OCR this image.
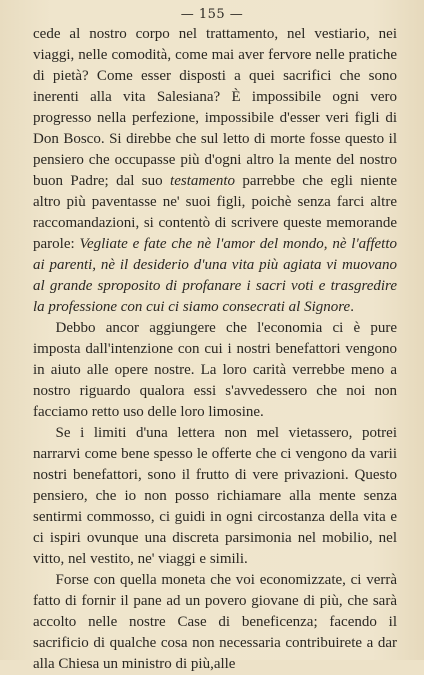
— 155 —

cede al nostro corpo nel trattamento, nel vestiario, nei viaggi, nelle comodità, come mai aver fervore nelle pratiche di pietà? Come esser disposti a quei sacrifici che sono inerenti alla vita Salesiana? È impossibile ogni vero progresso nella perfezione, impossibile d'esser veri figli di Don Bosco. Si direbbe che sul letto di morte fosse questo il pensiero che occupasse più d'ogni altro la mente del nostro buon Padre; dal suo testamento parrebbe che egli niente altro più paventasse ne' suoi figli, poichè senza farci altre raccomandazioni, si contentò di scrivere queste memorande parole: Vegliate e fate che nè l'amor del mondo, nè l'affetto ai parenti, nè il desiderio d'una vita più agiata vi muovano al grande sproposito di profanare i sacri voti e trasgredire la professione con cui ci siamo consecrati al Signore.

Debbo ancor aggiungere che l'economia ci è pure imposta dall'intenzione con cui i nostri benefattori vengono in aiuto alle opere nostre. La loro carità verrebbe meno a nostro riguardo qualora essi s'avvedessero che noi non facciamo retto uso delle loro limosine.

Se i limiti d'una lettera non mel vietassero, potrei narrarvi come bene spesso le offerte che ci vengono da varii nostri benefattori, sono il frutto di vere privazioni. Questo pensiero, che io non posso richiamare alla mente senza sentirmi commosso, ci guidi in ogni circostanza della vita e ci ispiri ovunque una discreta parsimonia nel mobilio, nel vitto, nel vestito, ne' viaggi e simili.

Forse con quella moneta che voi economizzate, ci verrà fatto di fornir il pane ad un povero giovane di più, che sarà accolto nelle nostre Case di beneficenza; facendo il sacrificio di qualche cosa non necessaria contribuirete a dar alla Chiesa un ministro di più,alle
